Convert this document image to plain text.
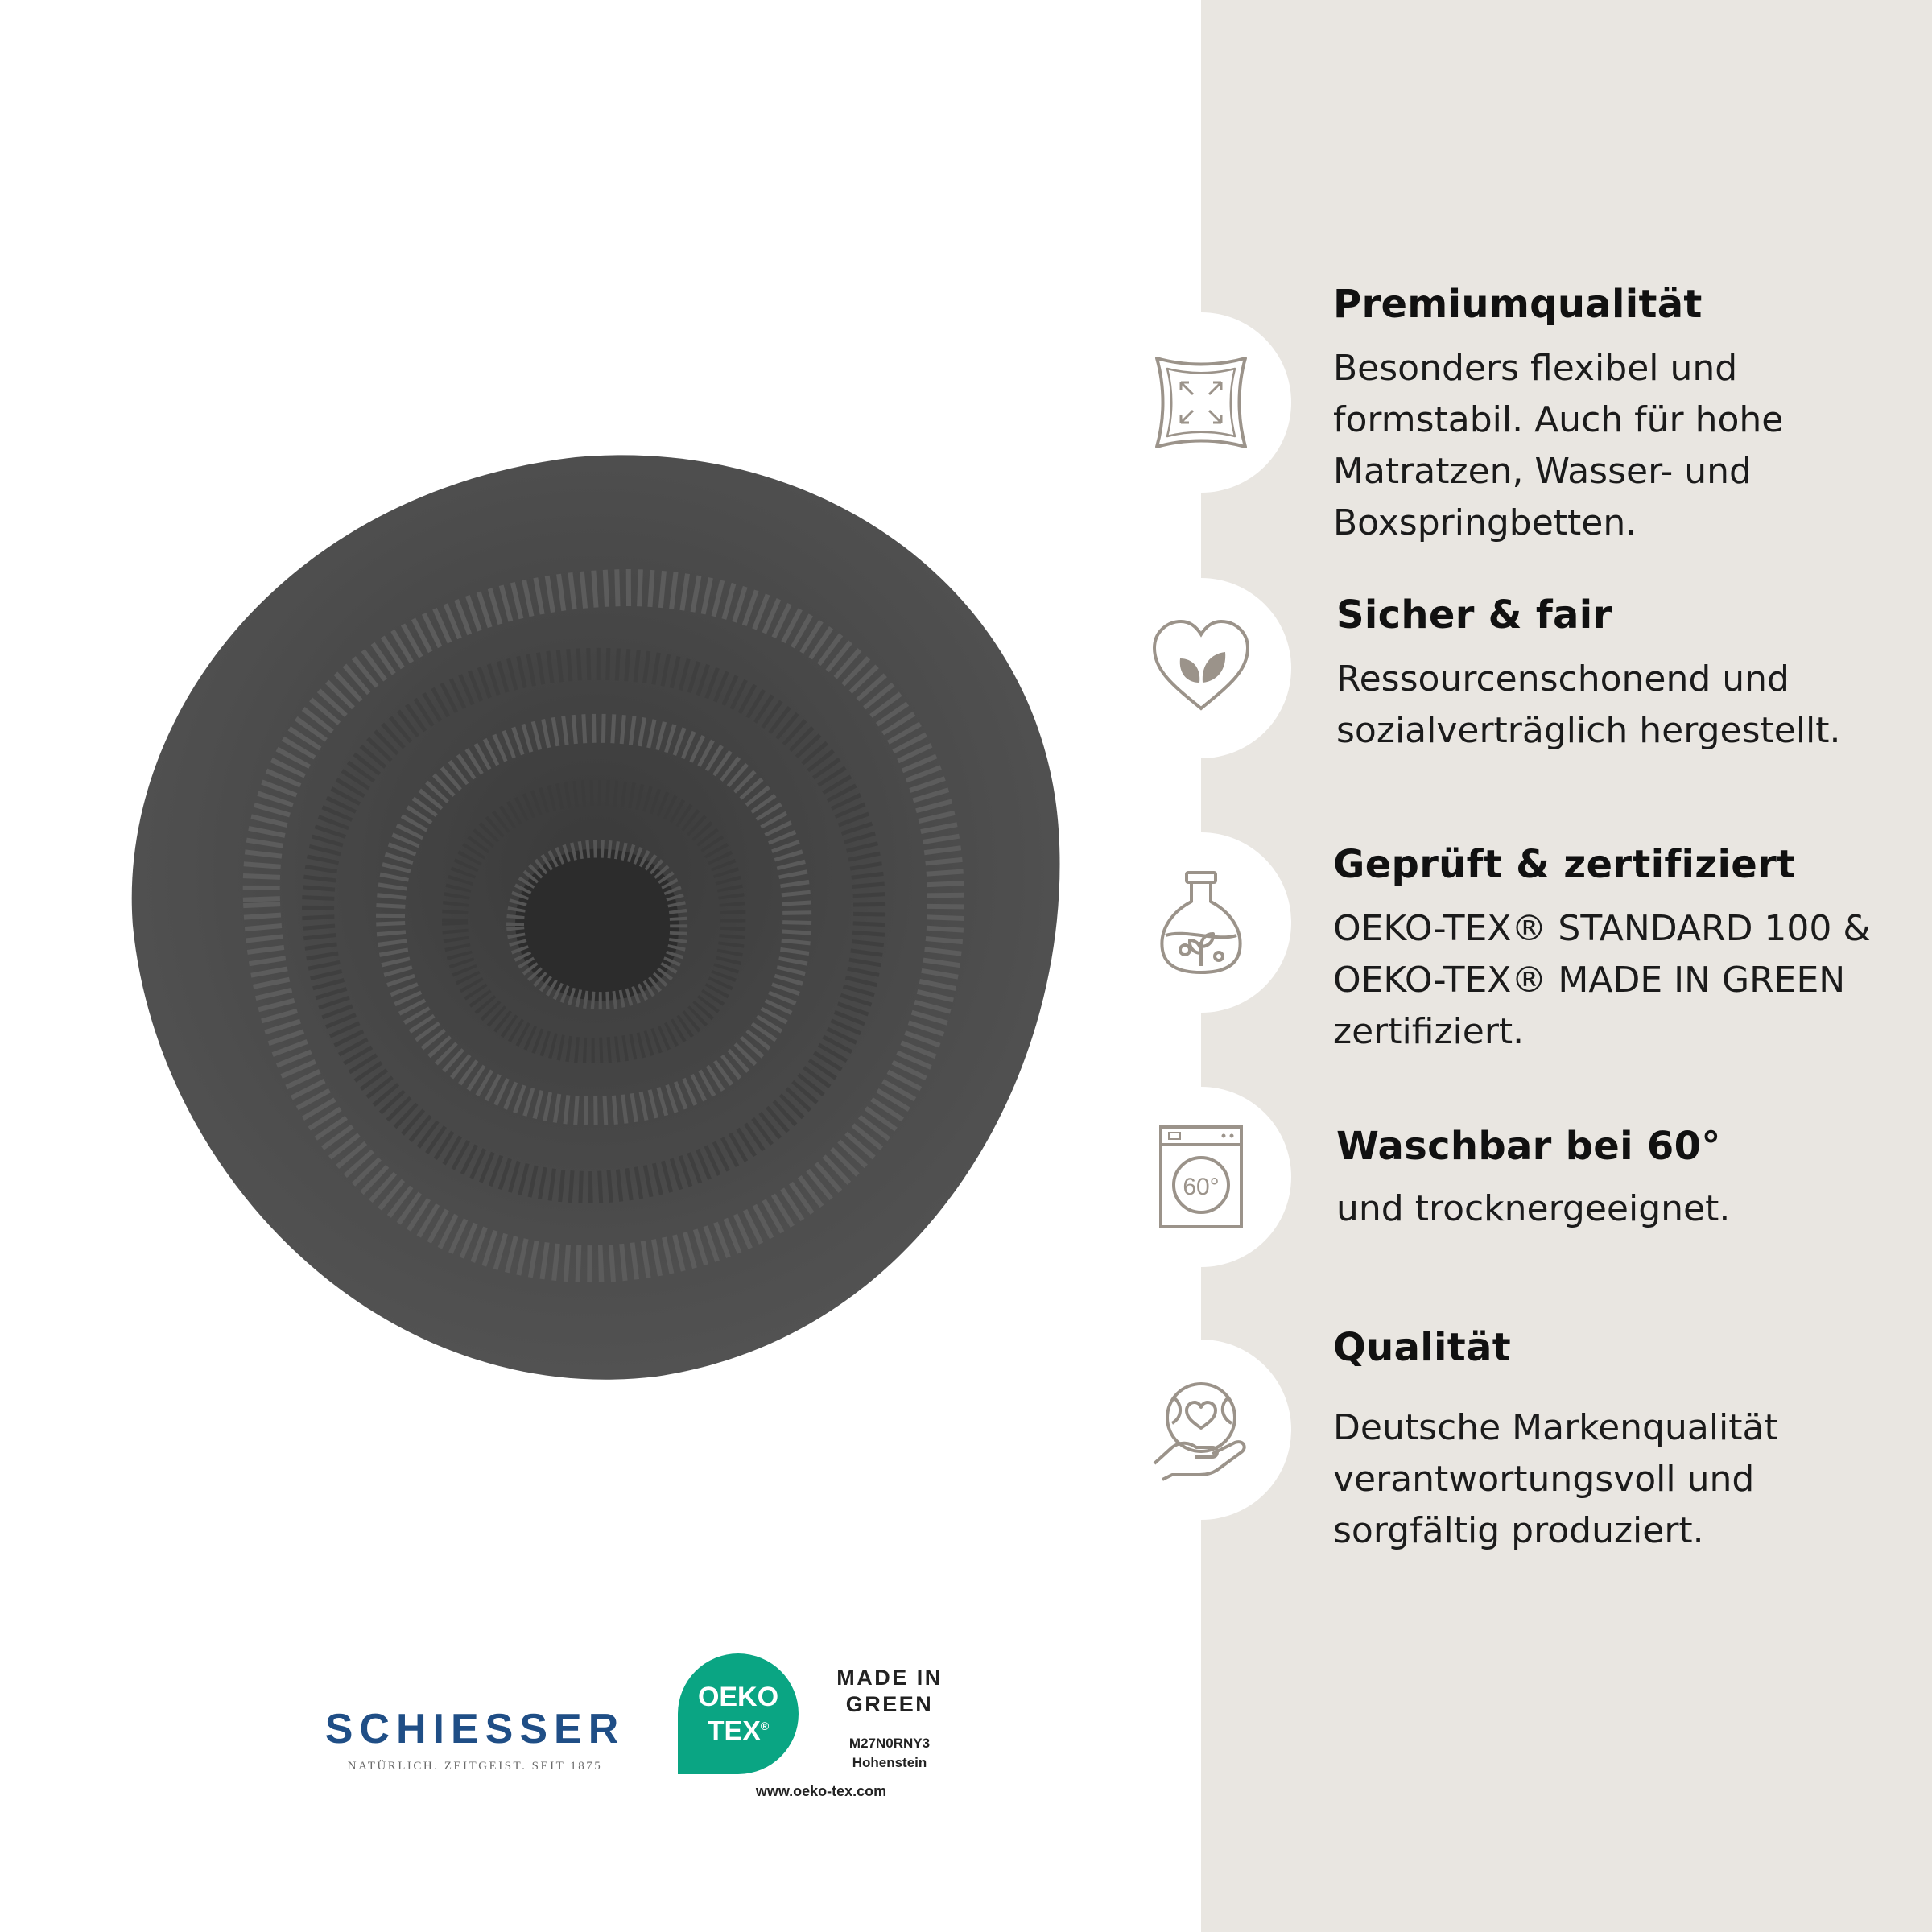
Premiumqualität
Besonders flexibel und
formstabil. Auch für hohe
Matratzen, Wasser- und
Boxspringbetten.
Sicher & fair
Ressourcenschonend und
sozialverträglich hergestellt.
Geprüft & zertifiziert
OEKO-TEX® STANDARD 100 &
OEKO-TEX® MADE IN GREEN
zertifiziert.
60°
Waschbar bei 60°
und trocknergeeignet.
Qualität
Deutsche Markenqualität
verantwortungsvoll und
sorgfältig produziert.
SCHIESSER
NATÜRLICH. ZEITGEIST. SEIT 1875
OEKO
TEX®
MADE IN
GREEN
M27N0RNY3
Hohenstein
www.oeko-tex.com
